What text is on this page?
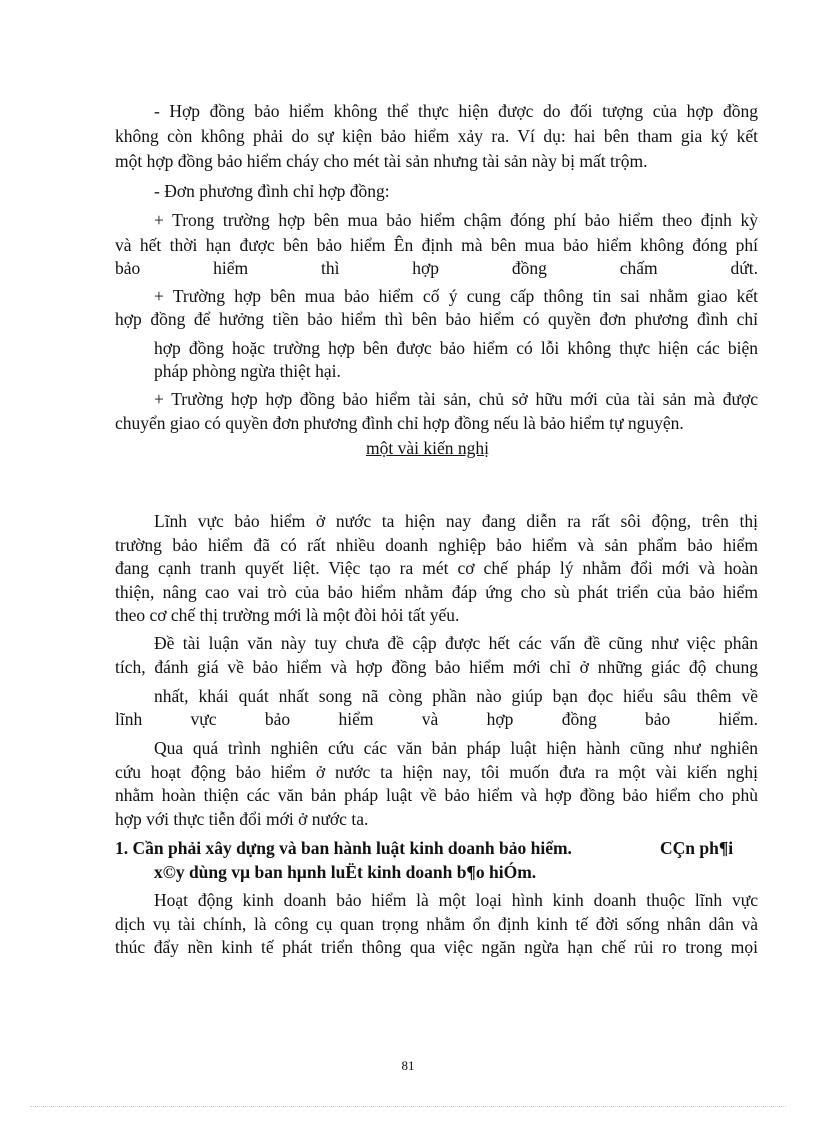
- Hợp đồng bảo hiểm không thể thực hiện được do đối tượng của hợp đồng
không còn không phải do sự kiện bảo hiểm xảy ra. Ví dụ: hai bên tham gia ký kết
một hợp đồng bảo hiểm cháy cho mét tài sản nhưng tài sản này bị mất trộm.
- Đơn phương đình chỉ hợp đồng:
+ Trong trường hợp bên mua bảo hiểm chậm đóng phí bảo hiểm theo định kỳ
và hết thời hạn được bên bảo hiểm Ên định mà bên mua bảo hiểm không đóng phí
bảo hiểm thì hợp đồng chấm dứt.
+ Trường hợp bên mua bảo hiểm cố ý cung cấp thông tin sai nhằm giao kết
hợp đồng để hưởng tiền bảo hiểm thì bên bảo hiểm có quyền đơn phương đình chỉ
hợp đồng hoặc trường hợp bên được bảo hiểm có lỗi không thực hiện các biện
pháp phòng ngừa thiệt hại.
+ Trường hợp hợp đồng bảo hiểm tài sản, chủ sở hữu mới của tài sản mà được
chuyển giao có quyền đơn phương đình chỉ hợp đồng nếu là bảo hiểm tự nguyện.
một vài kiến nghị
Lĩnh vực bảo hiểm ở nước ta hiện nay đang diễn ra rất sôi động, trên thị
trường bảo hiểm đã có rất nhiều doanh nghiệp bảo hiểm và sản phẩm bảo hiểm
đang cạnh tranh quyết liệt. Việc tạo ra mét cơ chế pháp lý nhằm đổi mới và hoàn
thiện, nâng cao vai trò của bảo hiểm nhằm đáp ứng cho sù phát triển của bảo hiểm
theo cơ chế thị trường mới là một đòi hỏi tất yếu.
Đề tài luận văn này tuy chưa đề cập được hết các vấn đề cũng như việc phân
tích, đánh giá về bảo hiểm và hợp đồng bảo hiểm mới chỉ ở những giác độ chung
nhất, khái quát nhất song nã còng phần nào giúp bạn đọc hiểu sâu thêm về
lĩnh vực bảo hiểm và hợp đồng bảo hiểm.
Qua quá trình nghiên cứu các văn bản pháp luật hiện hành cũng như nghiên
cứu hoạt động bảo hiểm ở nước ta hiện nay, tôi muốn đưa ra một vài kiến nghị
nhằm hoàn thiện các văn bản pháp luật về bảo hiểm và hợp đồng bảo hiểm cho phù
hợp với thực tiễn đổi mới ở nước ta.
1. Cần phải xây dựng và ban hành luật kinh doanh bảo hiểm.	CÇn ph¶i
x©y dùng vµ ban hµnh luËt kinh doanh b¶o hiÓm.
Hoạt động kinh doanh bảo hiểm là một loại hình kinh doanh thuộc lĩnh vực
dịch vụ tài chính, là công cụ quan trọng nhằm ổn định kinh tế đời sống nhân dân và
thúc đẩy nền kinh tế phát triển thông qua việc ngăn ngừa hạn chế rủi ro trong mọi
81
